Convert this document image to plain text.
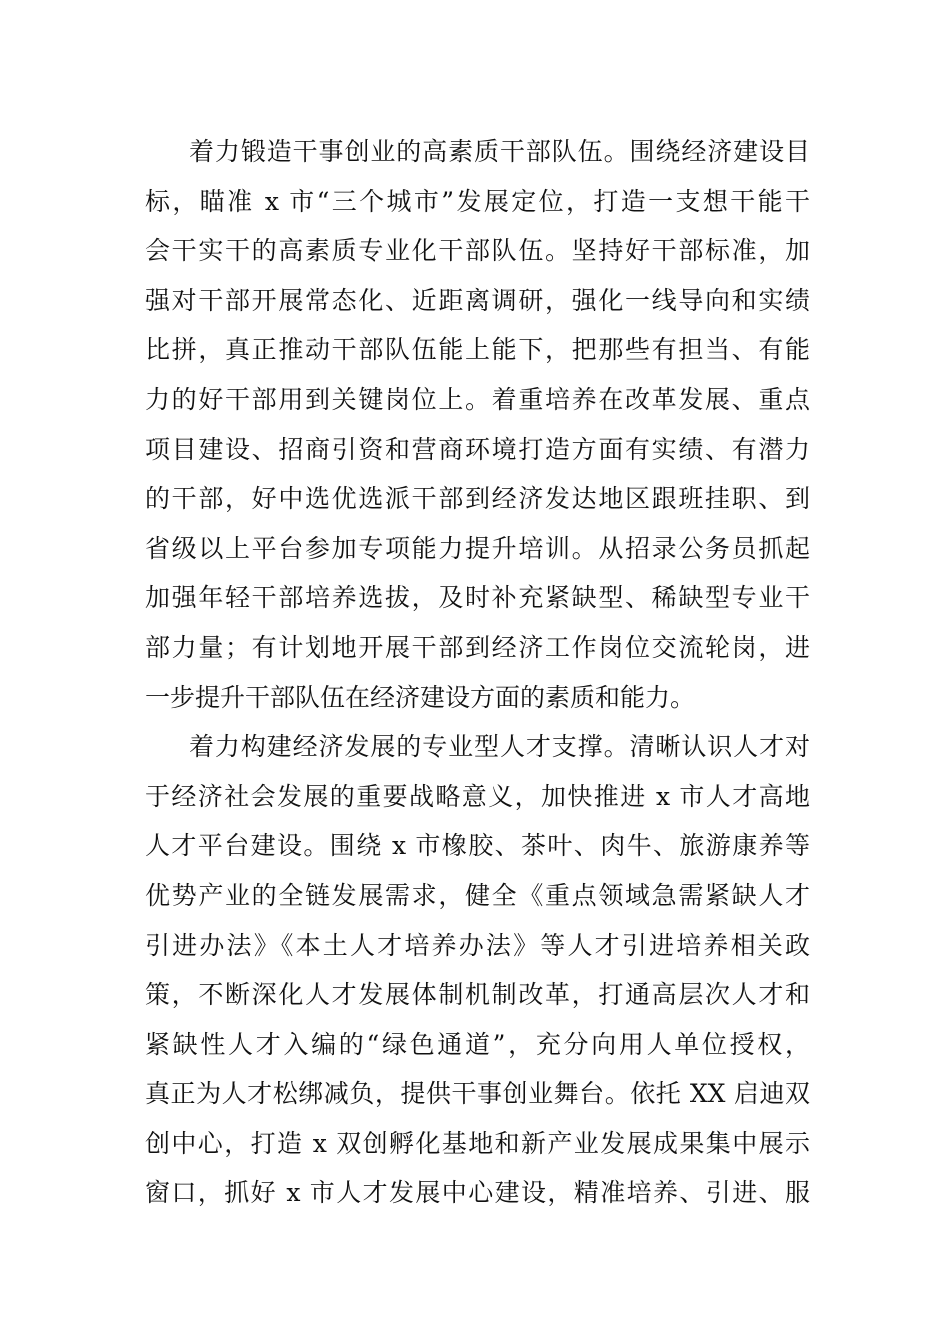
着力锻造干事创业的高素质干部队伍。围绕经济建设目
标，瞄准 x 市“三个城市”发展定位，打造一支想干能干
会干实干的高素质专业化干部队伍。坚持好干部标准，加
强对干部开展常态化、近距离调研，强化一线导向和实绩
比拼，真正推动干部队伍能上能下，把那些有担当、有能
力的好干部用到关键岗位上。着重培养在改革发展、重点
项目建设、招商引资和营商环境打造方面有实绩、有潜力
的干部，好中选优选派干部到经济发达地区跟班挂职、到
省级以上平台参加专项能力提升培训。从招录公务员抓起
加强年轻干部培养选拔，及时补充紧缺型、稀缺型专业干
部力量；有计划地开展干部到经济工作岗位交流轮岗，进
一步提升干部队伍在经济建设方面的素质和能力。
着力构建经济发展的专业型人才支撑。清晰认识人才对
于经济社会发展的重要战略意义，加快推进 x 市人才高地
人才平台建设。围绕 x 市橡胶、茶叶、肉牛、旅游康养等
优势产业的全链发展需求，健全《重点领域急需紧缺人才
引进办法》《本土人才培养办法》等人才引进培养相关政
策，不断深化人才发展体制机制改革，打通高层次人才和
紧缺性人才入编的“绿色通道”，充分向用人单位授权，
真正为人才松绑减负，提供干事创业舞台。依托 XX 启迪双
创中心，打造 x 双创孵化基地和新产业发展成果集中展示
窗口，抓好 x 市人才发展中心建设，精准培养、引进、服
